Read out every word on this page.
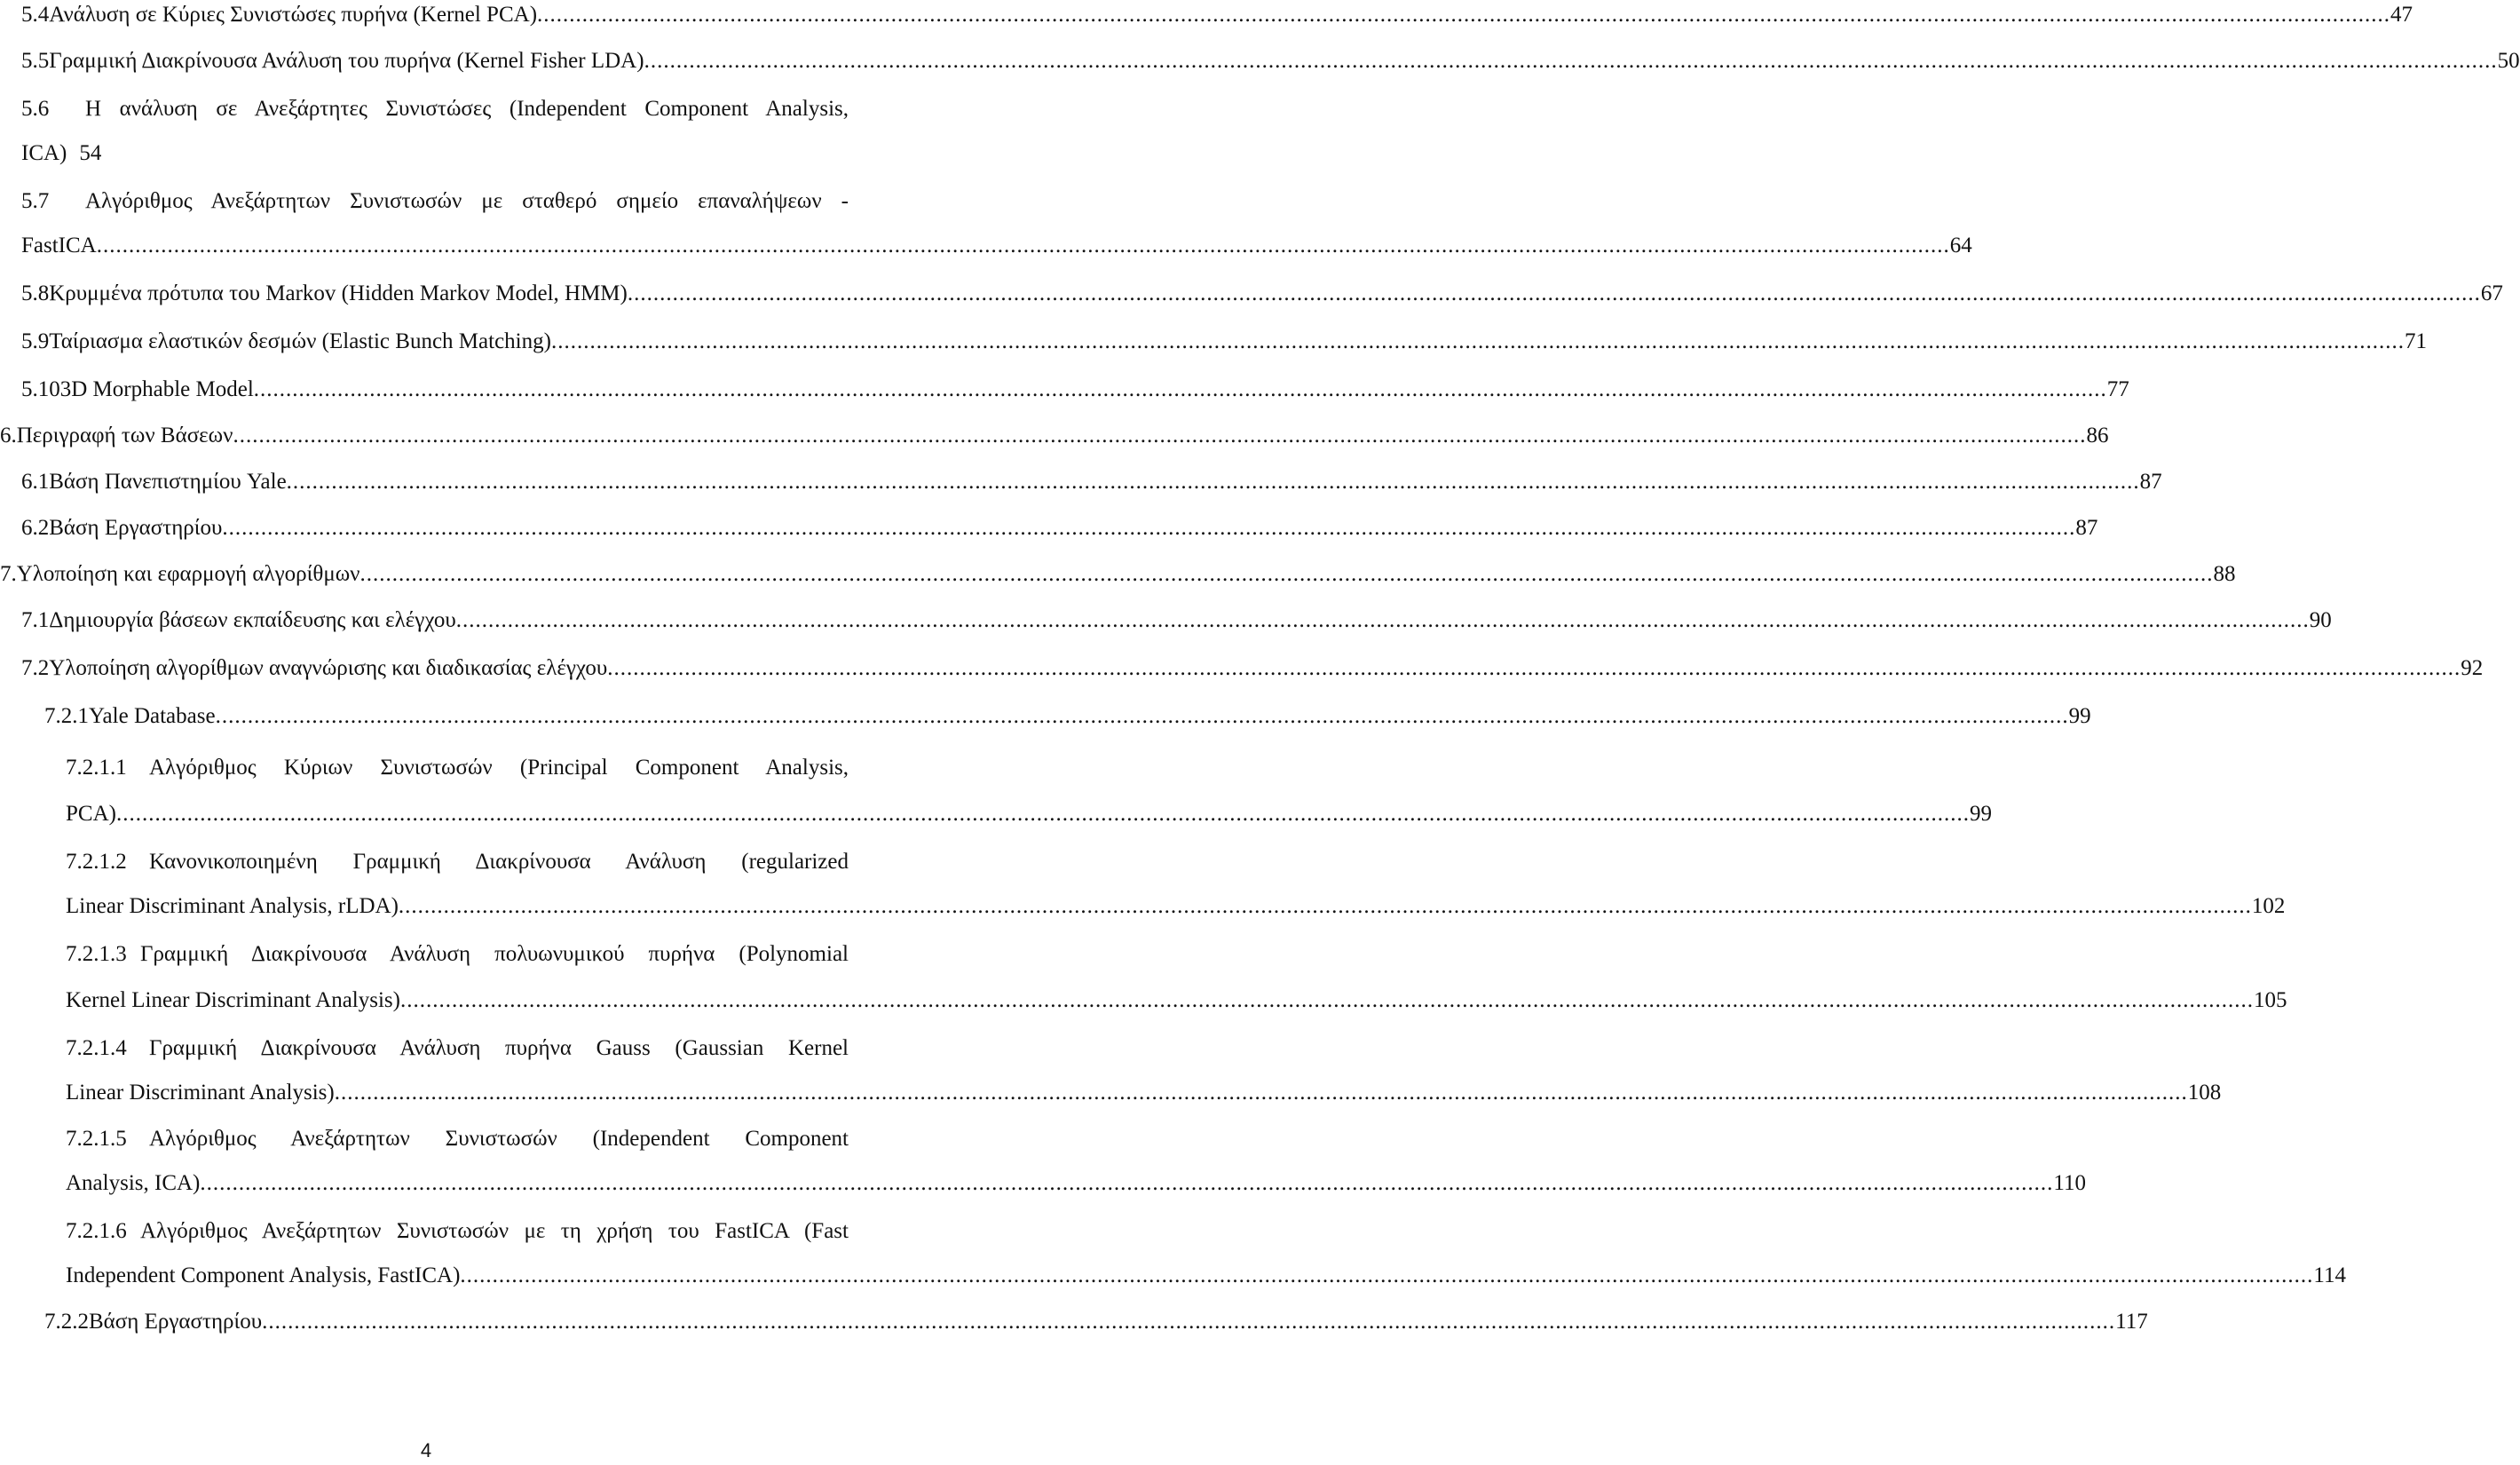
5.4 Ανάλυση σε Κύριες Συνιστώσες πυρήνα (Kernel PCA) .....	47
5.5 Γραμμική Διακρίνουσα Ανάλυση του πυρήνα (Kernel Fisher LDA) .....	50
5.6	Η ανάλυση σε Ανεξάρτητες Συνιστώσες (Independent Component Analysis,
ICA) 54
5.7	Αλγόριθμος Ανεξάρτητων Συνιστωσών με σταθερό σημείο επαναλήψεων -
FastICA .....	64
5.8 Κρυμμένα πρότυπα του Markov (Hidden Markov Model, HMM) .....	67
5.9 Ταίριασμα ελαστικών δεσμών (Elastic Bunch Matching) .....	71
5.10 3D Morphable Model .....	77
6. Περιγραφή των Βάσεων .....	86
6.1 Βάση Πανεπιστημίου Yale .....	87
6.2 Βάση Εργαστηρίου .....	87
7. Υλοποίηση και εφαρμογή αλγορίθμων .....	88
7.1 Δημιουργία βάσεων εκπαίδευσης και ελέγχου .....	90
7.2 Υλοποίηση αλγορίθμων αναγνώρισης και διαδικασίας ελέγχου .....	92
7.2.1 Yale Database .....	99
7.2.1.1	Αλγόριθμος Κύριων Συνιστωσών (Principal Component Analysis,
PCA) .....	99
7.2.1.2	Κανονικοποιημένη Γραμμική Διακρίνουσα Ανάλυση (regularized
Linear Discriminant Analysis, rLDA) .....	102
7.2.1.3 Γραμμική Διακρίνουσα Ανάλυση πολυωνυμικού πυρήνα (Polynomial
Kernel Linear Discriminant Analysis) .....	105
7.2.1.4	Γραμμική Διακρίνουσα Ανάλυση πυρήνα Gauss (Gaussian Kernel
Linear Discriminant Analysis) .....	108
7.2.1.5	Αλγόριθμος Ανεξάρτητων Συνιστωσών (Independent Component
Analysis, ICA) .....	110
7.2.1.6 Αλγόριθμος Ανεξάρτητων Συνιστωσών με τη χρήση του FastICA (Fast
Independent Component Analysis, FastICA) .....	114
7.2.2 Βάση Εργαστηρίου .....	117
4
